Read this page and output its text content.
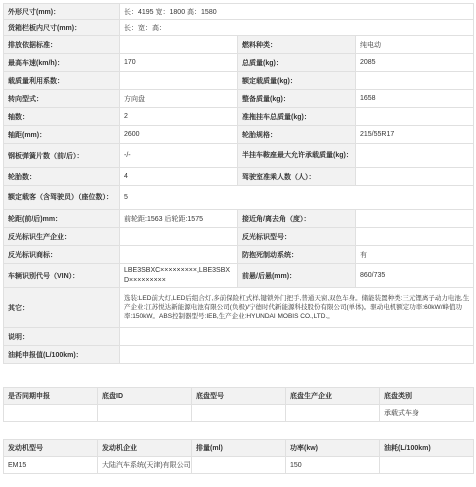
外形尺寸(mm)：	长：4195 宽：1800 高：1580		
货箱栏板内尺寸(mm)：	长：宽：高：		
排放依据标准：		燃料种类：	纯电动
最高车速(km/h)：	170	总质量(kg)：	2085
载质量利用系数：		额定载质量(kg)：	
转向型式：	方向盘	整备质量(kg)：	1658
轴数：	2	准拖挂车总质量(kg)：	
轴距(mm)：	2600	轮胎规格：	215/55R17
钢板弹簧片数（前/后）：	-/-	半挂车鞍座最大允许承载质量(kg)：	
轮胎数：	4	驾驶室准乘人数（人）：	
额定载客（含驾驶员）（座位数）：	5		
轮距(前/后)mm：	前轮距:1563 后轮距:1575	接近角/离去角（度）：	
反光标识生产企业：		反光标识型号：	
反光标识商标：		防抱死制动系统：	有
车辆识别代号（VIN）：	LBE3SBXC×××××××××,LBE3SBX
D×××××××××	前悬/后悬(mm)：	860/735
其它：	选装:LED前大灯,LED后组合灯,多前保险杠式样,键锁外门把手,普通天窗,双色车身。储能装置种类:三元锂离子动力电池,生产企业:江苏悦达新能源电池有限公司(负极)/宁德时代新能源科技股份有限公司(单体)。驱动电机额定功率:60kW/峰值功率:150kW。ABS控制器型号:IEB,生产企业:HYUNDAI MOBIS CO.,LTD.。		
说明：			
油耗申报值(L/100km)：			
是否同期申报	底盘ID	底盘型号	底盘生产企业	底盘类别
				承载式车身
发动机型号	发动机企业	排量(ml)	功率(kw)	油耗(L/100km)
EM15	大陆汽车系统(天津)有限公司		150	
